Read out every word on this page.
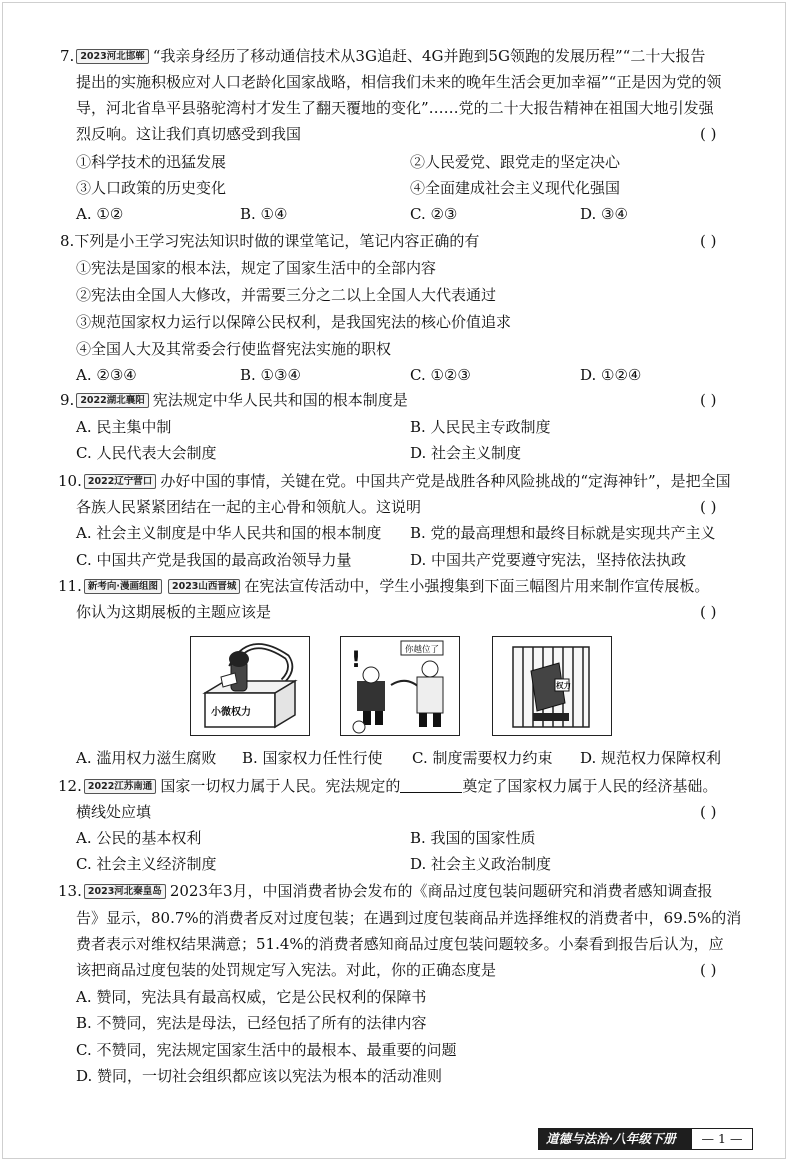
7. 2023河北邯郸 “我亲身经历了移动通信技术从3G追赶、4G并跑到5G领跑的发展历程”“二十大报告
提出的实施积极应对人口老龄化国家战略，相信我们未来的晚年生活会更加幸福”“正是因为党的领
导，河北省阜平县骆驼湾村才发生了翻天覆地的变化”……党的二十大报告精神在祖国大地引发强
烈反响。这让我们真切感受到我国	( )
①科学技术的迅猛发展	②人民爱党、跟党走的坚定决心
③人口政策的历史变化	④全面建成社会主义现代化强国
A. ①②	B. ①④	C. ②③	D. ③④
8.下列是小王学习宪法知识时做的课堂笔记，笔记内容正确的有	( )
①宪法是国家的根本法，规定了国家生活中的全部内容
②宪法由全国人大修改，并需要三分之二以上全国人大代表通过
③规范国家权力运行以保障公民权利，是我国宪法的核心价值追求
④全国人大及其常委会行使监督宪法实施的职权
A. ②③④	B. ①③④	C. ①②③	D. ①②④
9. 2022湖北襄阳 宪法规定中华人民共和国的根本制度是	( )
A. 民主集中制	B. 人民民主专政制度
C. 人民代表大会制度	D. 社会主义制度
10. 2022辽宁营口 办好中国的事情，关键在党。中国共产党是战胜各种风险挑战的“定海神针”，是把全国
各族人民紧紧团结在一起的主心骨和领航人。这说明	( )
A. 社会主义制度是中华人民共和国的根本制度 B. 党的最高理想和最终目标就是实现共产主义
C. 中国共产党是我国的最高政治领导力量	D. 中国共产党要遵守宪法，坚持依法执政
11. 新考向·漫画组图 2023山西晋城 在宪法宣传活动中，学生小强搜集到下面三幅图片用来制作宣传展板。
你认为这期展板的主题应该是	( )
小微权力
你越位了
!
权力
A. 滥用权力滋生腐败 B. 国家权力任性行使 C. 制度需要权力约束 D. 规范权力保障权利
12. 2022江苏南通 国家一切权力属于人民。宪法规定的	奠定了国家权力属于人民的经济基础。
横线处应填	( )
A. 公民的基本权利	B. 我国的国家性质
C. 社会主义经济制度	D. 社会主义政治制度
13. 2023河北秦皇岛 2023年3月，中国消费者协会发布的《商品过度包装问题研究和消费者感知调查报
告》显示，80.7%的消费者反对过度包装；在遇到过度包装商品并选择维权的消费者中，69.5%的消
费者表示对维权结果满意；51.4%的消费者感知商品过度包装问题较多。小秦看到报告后认为，应
该把商品过度包装的处罚规定写入宪法。对此，你的正确态度是	( )
A. 赞同，宪法具有最高权威，它是公民权利的保障书
B. 不赞同，宪法是母法，已经包括了所有的法律内容
C. 不赞同，宪法规定国家生活中的最根本、最重要的问题
D. 赞同，一切社会组织都应该以宪法为根本的活动准则
道德与法治·八年级下册	— 1 —
